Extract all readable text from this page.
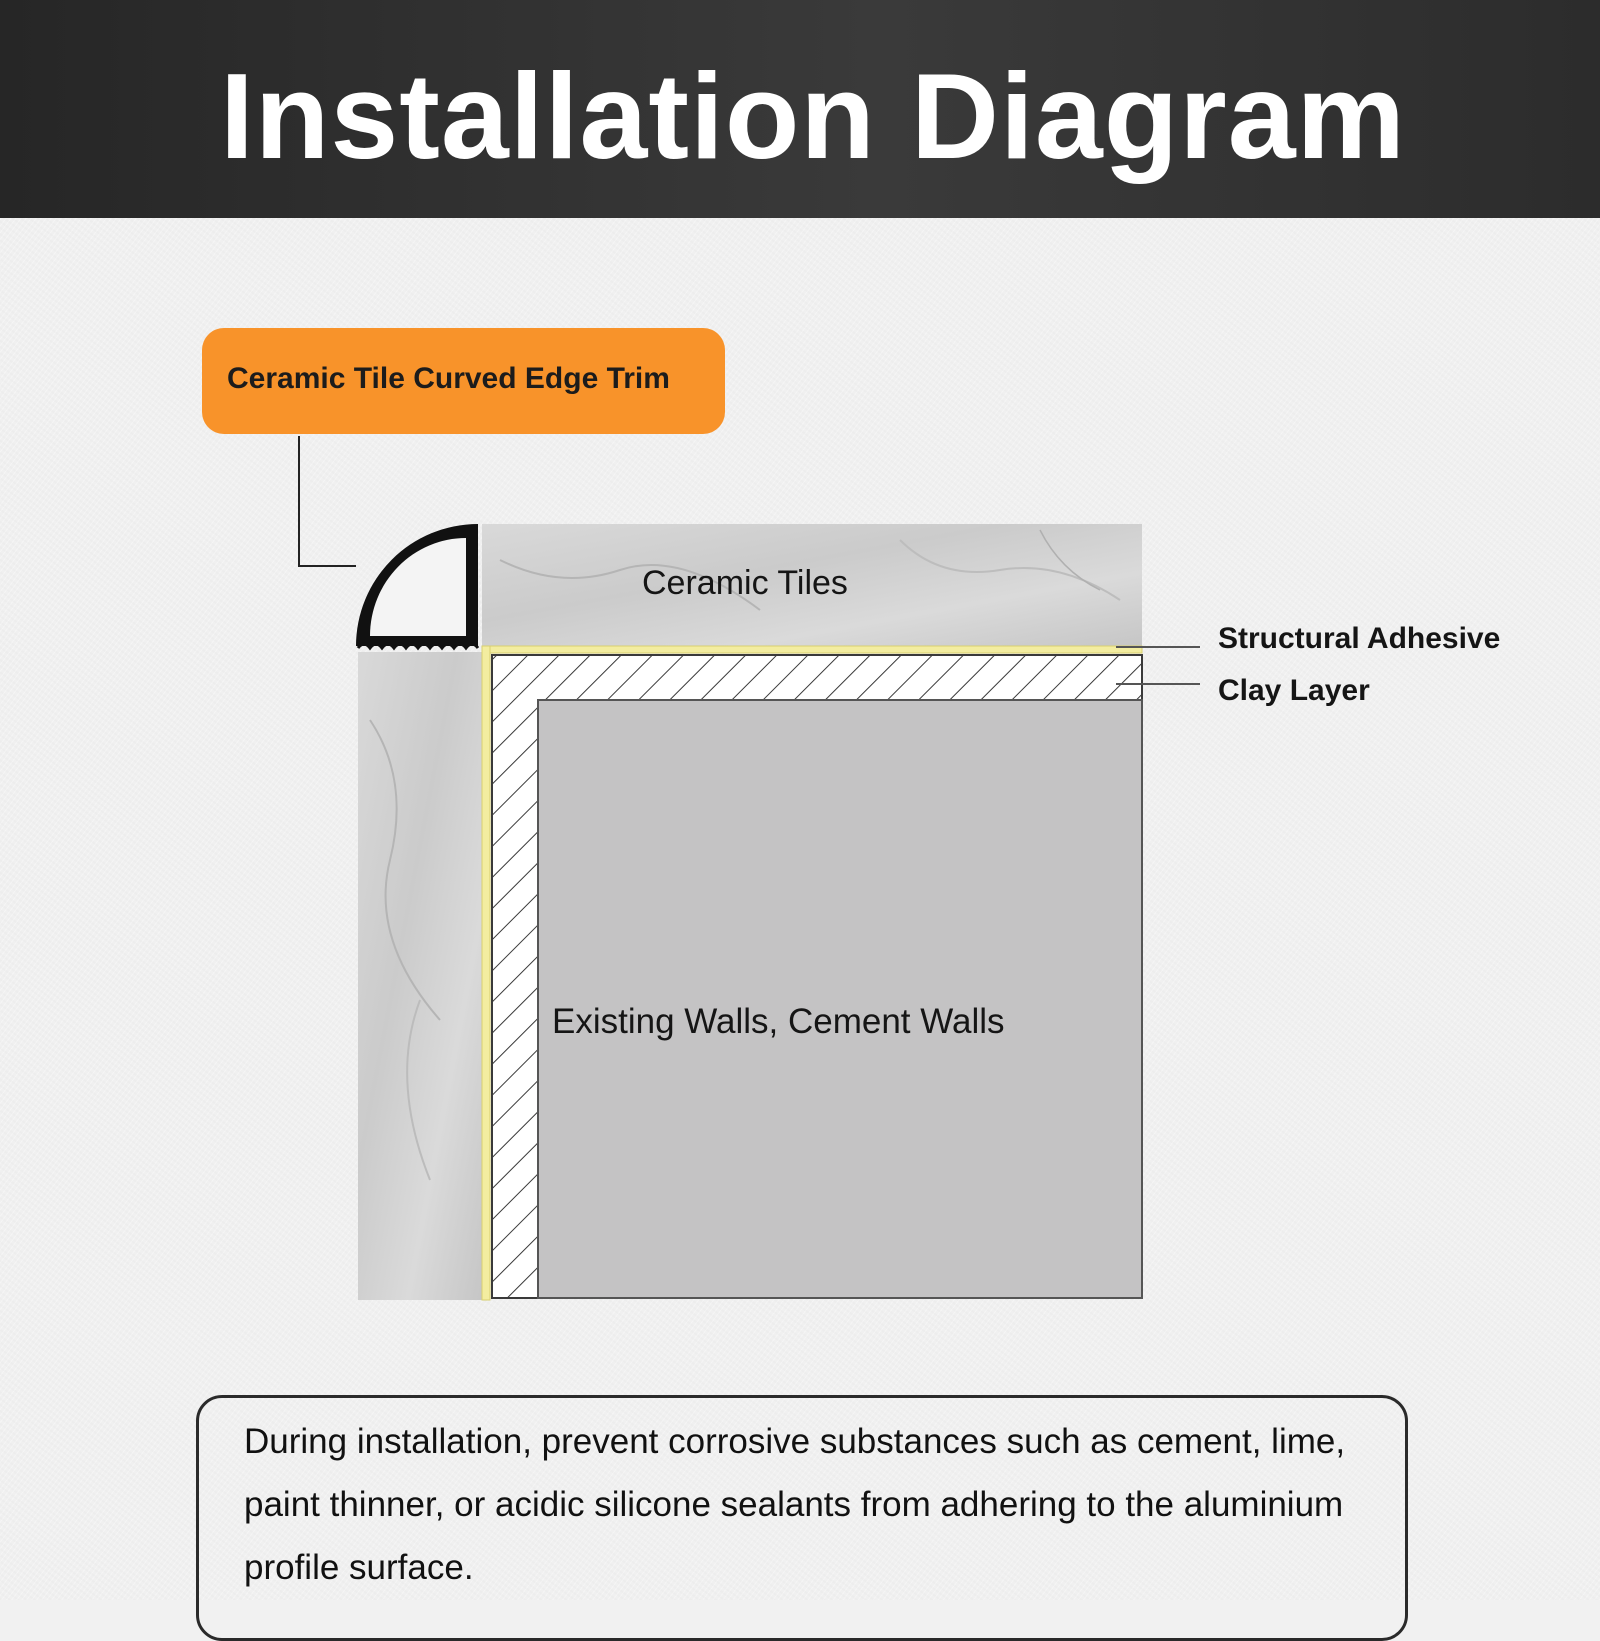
Installation Diagram
Ceramic Tile Curved Edge Trim
Ceramic Tiles
Structural Adhesive
Clay Layer
Existing Walls, Cement Walls
During installation, prevent corrosive substances such as cement, lime, paint thinner, or acidic silicone sealants from adhering to the aluminium profile surface.
